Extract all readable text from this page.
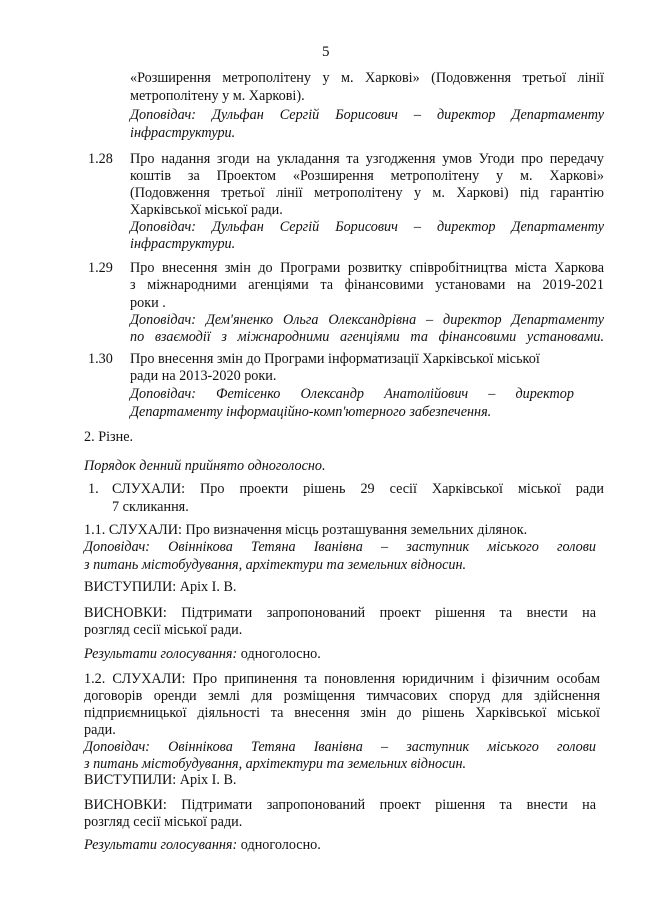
5
«Розширення метрополітену у м. Харкові» (Подовження третьої лінії
метрополітену у м. Харкові).
Доповідач: Дульфан Сергій Борисович – директор Департаменту
інфраструктури.
1.28 Про надання згоди на укладання та узгодження умов Угоди про передачу
коштів за Проектом «Розширення метрополітену у м. Харкові»
(Подовження третьої лінії метрополітену у м. Харкові) під гарантію
Харківської міської ради.
Доповідач: Дульфан Сергій Борисович – директор Департаменту
інфраструктури.
1.29 Про внесення змін до Програми розвитку співробітництва міста Харкова
з міжнародними агенціями та фінансовими установами на 2019-2021
роки .
Доповідач: Дем'яненко Ольга Олександрівна – директор Департаменту
по взаємодії з міжнародними агенціями та фінансовими установами.
1.30 Про внесення змін до Програми інформатизації Харківської міської
ради на 2013-2020 роки.
Доповідач: Фетісенко Олександр Анатолійович – директор
Департаменту інформаційно-комп'ютерного забезпечення.
2. Різне.
Порядок денний прийнято одноголосно.
1. СЛУХАЛИ: Про проекти рішень 29 сесії Харківської міської ради
7 скликання.
1.1. СЛУХАЛИ: Про визначення місць розташування земельних ділянок.
Доповідач: Овіннікова Тетяна Іванівна – заступник міського голови
з питань містобудування, архітектури та земельних відносин.
ВИСТУПИЛИ: Аріх І. В.
ВИСНОВКИ: Підтримати запропонований проект рішення та внести на
розгляд сесії міської ради.
Результати голосування: одноголосно.
1.2. СЛУХАЛИ: Про припинення та поновлення юридичним і фізичним особам
договорів оренди землі для розміщення тимчасових споруд для здійснення
підприємницької діяльності та внесення змін до рішень Харківської міської
ради.
Доповідач: Овіннікова Тетяна Іванівна – заступник міського голови
з питань містобудування, архітектури та земельних відносин.
ВИСТУПИЛИ: Аріх І. В.
ВИСНОВКИ: Підтримати запропонований проект рішення та внести на
розгляд сесії міської ради.
Результати голосування: одноголосно.
